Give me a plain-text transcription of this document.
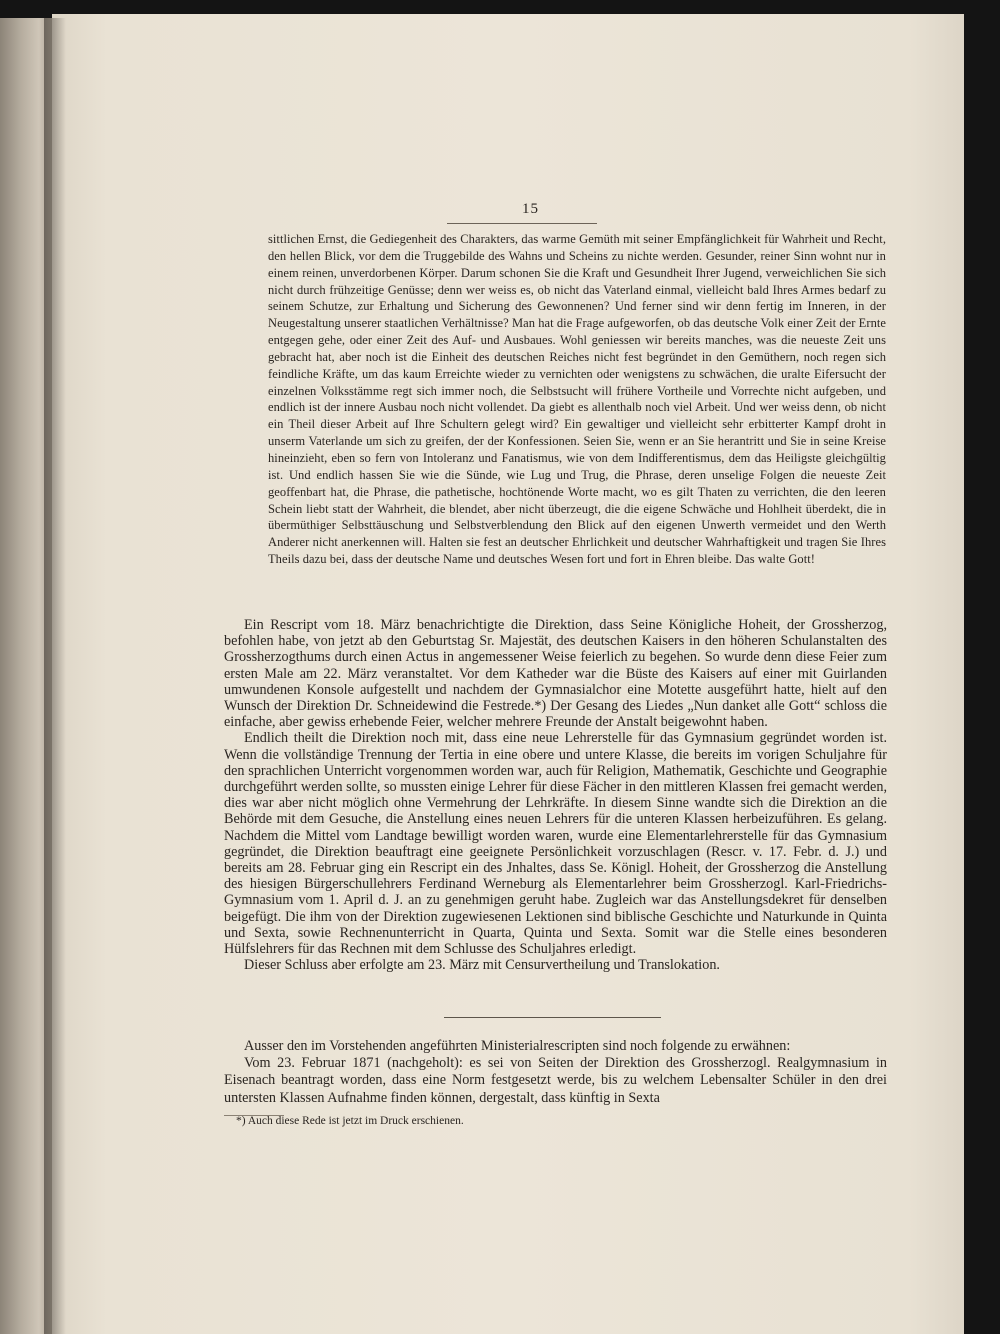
15

sittlichen Ernst, die Gediegenheit des Charakters, das warme Gemüth mit seiner Empfänglichkeit für Wahrheit und Recht, den hellen Blick, vor dem die Truggebilde des Wahns und Scheins zu nichte werden. Gesunder, reiner Sinn wohnt nur in einem reinen, unverdorbenen Körper. Darum schonen Sie die Kraft und Gesundheit Ihrer Jugend, verweichlichen Sie sich nicht durch frühzeitige Genüsse; denn wer weiss es, ob nicht das Vaterland einmal, vielleicht bald Ihres Armes bedarf zu seinem Schutze, zur Erhaltung und Sicherung des Gewonnenen? Und ferner sind wir denn fertig im Inneren, in der Neugestaltung unserer staatlichen Verhältnisse? Man hat die Frage aufgeworfen, ob das deutsche Volk einer Zeit der Ernte entgegen gehe, oder einer Zeit des Auf- und Ausbaues. Wohl geniessen wir bereits manches, was die neueste Zeit uns gebracht hat, aber noch ist die Einheit des deutschen Reiches nicht fest begründet in den Gemüthern, noch regen sich feindliche Kräfte, um das kaum Erreichte wieder zu vernichten oder wenigstens zu schwächen, die uralte Eifersucht der einzelnen Volksstämme regt sich immer noch, die Selbstsucht will frühere Vortheile und Vorrechte nicht aufgeben, und endlich ist der innere Ausbau noch nicht vollendet. Da giebt es allenthalb noch viel Arbeit. Und wer weiss denn, ob nicht ein Theil dieser Arbeit auf Ihre Schultern gelegt wird? Ein gewaltiger und vielleicht sehr erbitterter Kampf droht in unserm Vaterlande um sich zu greifen, der der Konfessionen. Seien Sie, wenn er an Sie herantritt und Sie in seine Kreise hineinzieht, eben so fern von Intoleranz und Fanatismus, wie von dem Indifferentismus, dem das Heiligste gleichgültig ist. Und endlich hassen Sie wie die Sünde, wie Lug und Trug, die Phrase, deren unselige Folgen die neueste Zeit geoffenbart hat, die Phrase, die pathetische, hochtönende Worte macht, wo es gilt Thaten zu verrichten, die den leeren Schein liebt statt der Wahrheit, die blendet, aber nicht überzeugt, die die eigene Schwäche und Hohlheit überdekt, die in übermüthiger Selbsttäuschung und Selbstverblendung den Blick auf den eigenen Unwerth vermeidet und den Werth Anderer nicht anerkennen will. Halten sie fest an deutscher Ehrlichkeit und deutscher Wahrhaftigkeit und tragen Sie Ihres Theils dazu bei, dass der deutsche Name und deutsches Wesen fort und fort in Ehren bleibe. Das walte Gott!

Ein Rescript vom 18. März benachrichtigte die Direktion, dass Seine Königliche Hoheit, der Grossherzog, befohlen habe, von jetzt ab den Geburtstag Sr. Majestät, des deutschen Kaisers in den höheren Schulanstalten des Grossherzogthums durch einen Actus in angemessener Weise feierlich zu begehen. So wurde denn diese Feier zum ersten Male am 22. März veranstaltet. Vor dem Katheder war die Büste des Kaisers auf einer mit Guirlanden umwundenen Konsole aufgestellt und nachdem der Gymnasialchor eine Motette ausgeführt hatte, hielt auf den Wunsch der Direktion Dr. Schneidewind die Festrede.*) Der Gesang des Liedes „Nun danket alle Gott“ schloss die einfache, aber gewiss erhebende Feier, welcher mehrere Freunde der Anstalt beigewohnt haben.

Endlich theilt die Direktion noch mit, dass eine neue Lehrerstelle für das Gymnasium gegründet worden ist. Wenn die vollständige Trennung der Tertia in eine obere und untere Klasse, die bereits im vorigen Schuljahre für den sprachlichen Unterricht vorgenommen worden war, auch für Religion, Mathematik, Geschichte und Geographie durchgeführt werden sollte, so mussten einige Lehrer für diese Fächer in den mittleren Klassen frei gemacht werden, dies war aber nicht möglich ohne Vermehrung der Lehrkräfte. In diesem Sinne wandte sich die Direktion an die Behörde mit dem Gesuche, die Anstellung eines neuen Lehrers für die unteren Klassen herbeizuführen. Es gelang. Nachdem die Mittel vom Landtage bewilligt worden waren, wurde eine Elementarlehrerstelle für das Gymnasium gegründet, die Direktion beauftragt eine geeignete Persönlichkeit vorzuschlagen (Rescr. v. 17. Febr. d. J.) und bereits am 28. Februar ging ein Rescript ein des Jnhaltes, dass Se. Königl. Hoheit, der Grossherzog die Anstellung des hiesigen Bürgerschullehrers Ferdinand Werneburg als Elementarlehrer beim Grossherzogl. Karl-Friedrichs-Gymnasium vom 1. April d. J. an zu genehmigen geruht habe. Zugleich war das Anstellungsdekret für denselben beigefügt. Die ihm von der Direktion zugewiesenen Lektionen sind biblische Geschichte und Naturkunde in Quinta und Sexta, sowie Rechnenunterricht in Quarta, Quinta und Sexta. Somit war die Stelle eines besonderen Hülfslehrers für das Rechnen mit dem Schlusse des Schuljahres erledigt.

Dieser Schluss aber erfolgte am 23. März mit Censurvertheilung und Translokation.

Ausser den im Vorstehenden angeführten Ministerialrescripten sind noch folgende zu erwähnen:

Vom 23. Februar 1871 (nachgeholt): es sei von Seiten der Direktion des Grossherzogl. Realgymnasium in Eisenach beantragt worden, dass eine Norm festgesetzt werde, bis zu welchem Lebensalter Schüler in den drei untersten Klassen Aufnahme finden können, dergestalt, dass künftig in Sexta

*) Auch diese Rede ist jetzt im Druck erschienen.
